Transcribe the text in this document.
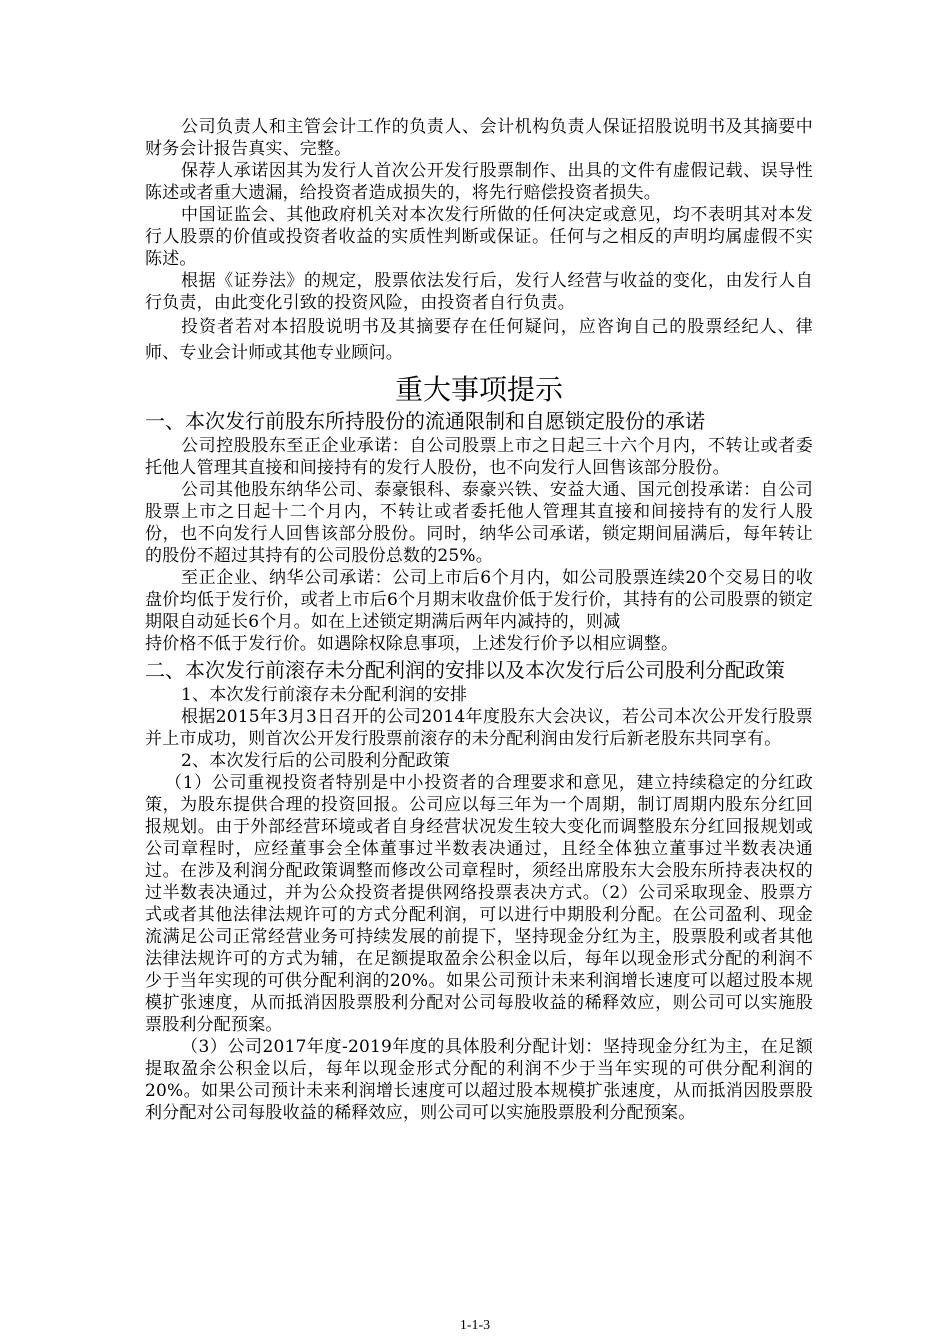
公司负责人和主管会计工作的负责人、会计机构负责人保证招股说明书及其摘要中财务会计报告真实、完整。

保荐人承诺因其为发行人首次公开发行股票制作、出具的文件有虚假记载、误导性陈述或者重大遗漏，给投资者造成损失的，将先行赔偿投资者损失。

中国证监会、其他政府机关对本次发行所做的任何决定或意见，均不表明其对本发行人股票的价值或投资者收益的实质性判断或保证。任何与之相反的声明均属虚假不实陈述。

根据《证券法》的规定，股票依法发行后，发行人经营与收益的变化，由发行人自行负责，由此变化引致的投资风险，由投资者自行负责。

投资者若对本招股说明书及其摘要存在任何疑问，应咨询自己的股票经纪人、律师、专业会计师或其他专业顾问。

重大事项提示
一、本次发行前股东所持股份的流通限制和自愿锁定股份的承诺

公司控股股东至正企业承诺：自公司股票上市之日起三十六个月内，不转让或者委托他人管理其直接和间接持有的发行人股份，也不向发行人回售该部分股份。

公司其他股东纳华公司、泰豪银科、泰豪兴铁、安益大通、国元创投承诺：自公司股票上市之日起十二个月内，不转让或者委托他人管理其直接和间接持有的发行人股份，也不向发行人回售该部分股份。同时，纳华公司承诺，锁定期间届满后，每年转让的股份不超过其持有的公司股份总数的25%。

至正企业、纳华公司承诺：公司上市后6个月内，如公司股票连续20个交易日的收盘价均低于发行价，或者上市后6个月期末收盘价低于发行价，其持有的公司股票的锁定期限自动延长6个月。如在上述锁定期满后两年内减持的，则减

持价格不低于发行价。如遇除权除息事项，上述发行价予以相应调整。

二、本次发行前滚存未分配利润的安排以及本次发行后公司股利分配政策

1、本次发行前滚存未分配利润的安排

根据2015年3月3日召开的公司2014年度股东大会决议，若公司本次公开发行股票并上市成功，则首次公开发行股票前滚存的未分配利润由发行后新老股东共同享有。

2、本次发行后的公司股利分配政策

（1）公司重视投资者特别是中小投资者的合理要求和意见，建立持续稳定的分红政策，为股东提供合理的投资回报。公司应以每三年为一个周期，制订周期内股东分红回报规划。由于外部经营环境或者自身经营状况发生较大变化而调整股东分红回报规划或公司章程时，应经董事会全体董事过半数表决通过，且经全体独立董事过半数表决通过。在涉及利润分配政策调整而修改公司章程时，须经出席股东大会股东所持表决权的过半数表决通过，并为公众投资者提供网络投票表决方式。（2）公司采取现金、股票方式或者其他法律法规许可的方式分配利润，可以进行中期股利分配。在公司盈利、现金流满足公司正常经营业务可持续发展的前提下，坚持现金分红为主，股票股利或者其他法律法规许可的方式为辅，在足额提取盈余公积金以后，每年以现金形式分配的利润不少于当年实现的可供分配利润的20%。如果公司预计未来利润增长速度可以超过股本规模扩张速度，从而抵消因股票股利分配对公司每股收益的稀释效应，则公司可以实施股票股利分配预案。

（3）公司2017年度-2019年度的具体股利分配计划：坚持现金分红为主，在足额提取盈余公积金以后，每年以现金形式分配的利润不少于当年实现的可供分配利润的20%。如果公司预计未来利润增长速度可以超过股本规模扩张速度，从而抵消因股票股利分配对公司每股收益的稀释效应，则公司可以实施股票股利分配预案。

1-1-3
